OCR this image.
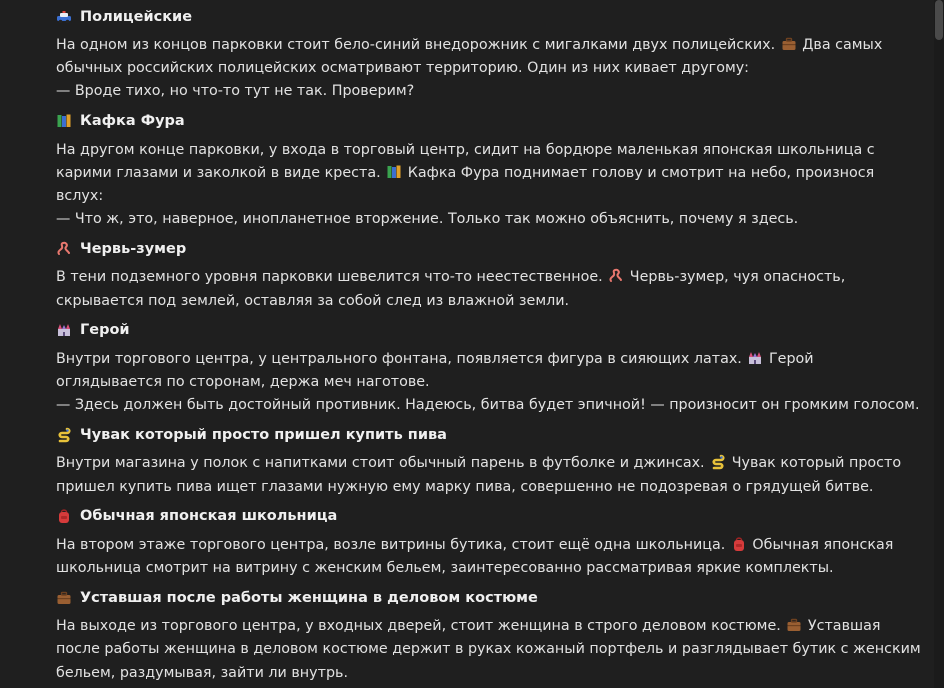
Полицейские

На одном из концов парковки стоит бело-синий внедорожник с мигалками двух полицейских. Два самых обычных российских полицейских осматривают территорию. Один из них кивает другому:
— Вроде тихо, но что-то тут не так. Проверим?

Кафка Фура

На другом конце парковки, у входа в торговый центр, сидит на бордюре маленькая японская школьница с карими глазами и заколкой в виде креста. Кафка Фура поднимает голову и смотрит на небо, произнося вслух:
— Что ж, это, наверное, инопланетное вторжение. Только так можно объяснить, почему я здесь.

Червь-зумер

В тени подземного уровня парковки шевелится что-то неестественное. Червь-зумер, чуя опасность, скрывается под землей, оставляя за собой след из влажной земли.

Герой

Внутри торгового центра, у центрального фонтана, появляется фигура в сияющих латах. Герой оглядывается по сторонам, держа меч наготове.
— Здесь должен быть достойный противник. Надеюсь, битва будет эпичной! — произносит он громким голосом.

Чувак который просто пришел купить пива

Внутри магазина у полок с напитками стоит обычный парень в футболке и джинсах. Чувак который просто пришел купить пива ищет глазами нужную ему марку пива, совершенно не подозревая о грядущей битве.

Обычная японская школьница

На втором этаже торгового центра, возле витрины бутика, стоит ещё одна школьница. Обычная японская школьница смотрит на витрину с женским бельем, заинтересованно рассматривая яркие комплекты.

Уставшая после работы женщина в деловом костюме

На выходе из торгового центра, у входных дверей, стоит женщина в строго деловом костюме. Уставшая после работы женщина в деловом костюме держит в руках кожаный портфель и разглядывает бутик с женским бельем, раздумывая, зайти ли внутрь.
